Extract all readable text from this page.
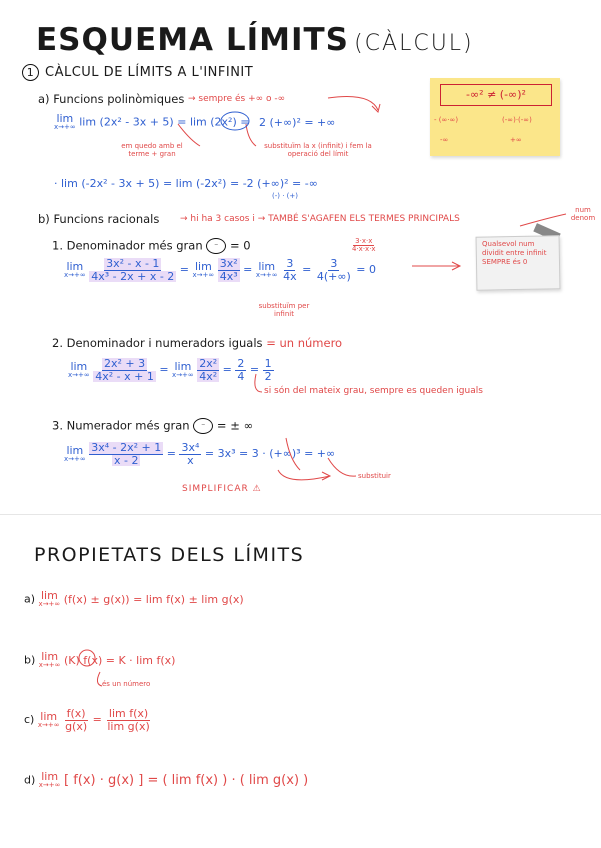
ESQUEMA LÍMITS (CÀLCUL)
1 CÀLCUL DE LÍMITS A L'INFINIT
a) Funcions polinòmiques → sempre és +∞ o -∞
lim
x→+∞ lim (2x² - 3x + 5) = lim (2x²) = 2 (+∞)² = +∞
em quedo amb el terme + gran
substituïm la x (infinit) i fem la operació del límit
· lim (-2x² - 3x + 5) = lim (-2x²) = -2 (+∞)² = -∞
(-) · (+)
-∞² ≠ (-∞)²
- (∞·∞)	(-∞)·(-∞)
-∞	+∞
b) Funcions racionals → hi ha 3 casos i → TAMBÉ S'AGAFEN ELS TERMES PRINCIPALS
num denom
1. Denominador més gran ⁻ = 0
lim
x→+∞
$\frac{\text{3x² - x - 1}}{\text{4x³ - 2x + x - 2}} = \lim$
x→+∞
$\frac{\text{3x²}}{\text{4x³}} = \lim$
x→+∞
$\frac{3}{4x} = \frac{3}{4(+\infty)} = 0$
$\frac{3\cdot x\cdot x}{4\cdot x\cdot x\cdot x}$
substituïm per infinit
Qualsevol num dividit entre infinit SEMPRE és 0
2. Denominador i numeradors iguals = un número
lim
x→+∞
$\frac{\text{2x² + 3}}{\text{4x² - x + 1}} = \lim$
x→+∞
$\frac{\text{2x²}}{\text{4x²}} = \frac{2}{4} = \frac{1}{2}$
si són del mateix grau, sempre es queden iguals
3. Numerador més gran ⁻ = ± ∞
lim
x→+∞
$\frac{\text{3x⁴ - 2x² + 1}}{x - 2} = \frac{\text{3x⁴}}{x} = 3x^3 = 3 \cdot (+\infty)^3$ = +∞
SIMPLIFICAR ⚠
substituir
PROPIETATS DELS LÍMITS
a) lim
x→+∞ (f(x) ± g(x)) = lim f(x) ± lim g(x)
b) lim
x→+∞ (K) f(x) = K · lim f(x)
és un número
c) lim
x→+∞
$\frac{f(x)}{g(x)} = \frac{\text{lim f(x)}}{\text{lim g(x)}}$
d) lim
x→+∞ [ f(x) · g(x) ] = ( lim f(x) ) · ( lim g(x) )
